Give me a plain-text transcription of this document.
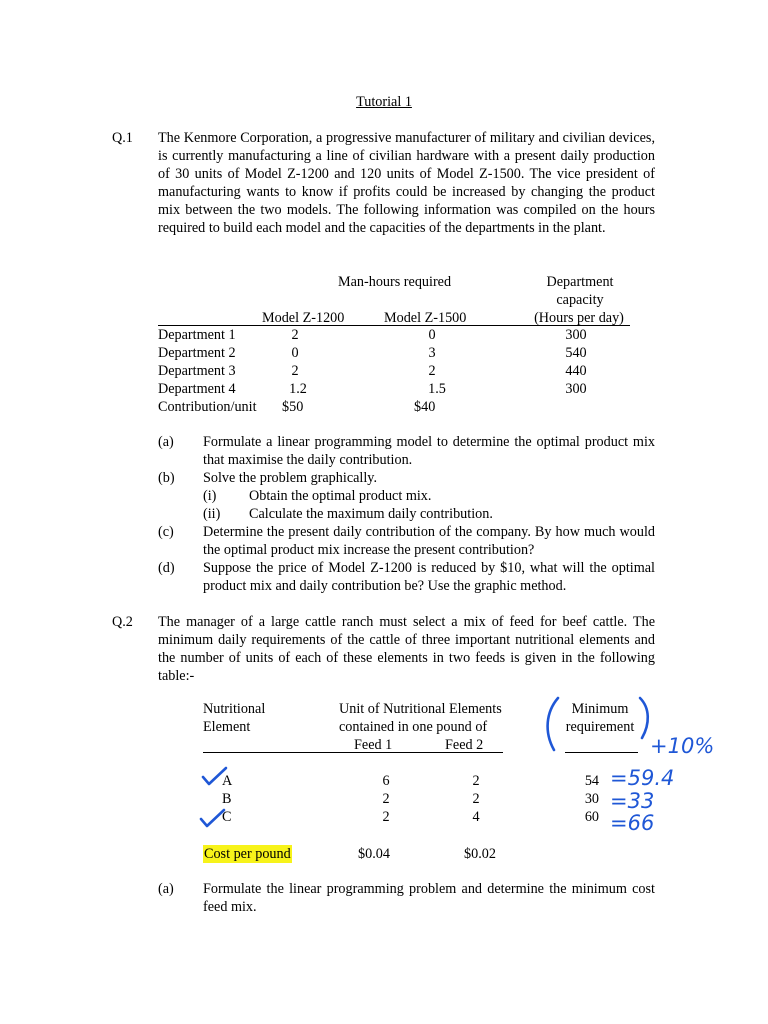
Tutorial 1
Q.1 The Kenmore Corporation, a progressive manufacturer of military and civilian devices, is currently manufacturing a line of civilian hardware with a present daily production of 30 units of Model Z-1200 and 120 units of Model Z-1500. The vice president of manufacturing wants to know if profits could be increased by changing the product mix between the two models. The following information was compiled on the hours required to build each model and the capacities of the departments in the plant.
Man-hours required	Department
capacity
(Hours per day)
Model Z-1200	Model Z-1500
Department 1	2	0	300
Department 2	0	3	540
Department 3	2	2	440
Department 4	1.2	1.5	300
Contribution/unit $50	$40
(a) Formulate a linear programming model to determine the optimal product mix that maximise the daily contribution.
(b) Solve the problem graphically.
(i) Obtain the optimal product mix.
(ii) Calculate the maximum daily contribution.
(c) Determine the present daily contribution of the company. By how much would the optimal product mix increase the present contribution?
(d) Suppose the price of Model Z-1200 is reduced by $10, what will the optimal product mix and daily contribution be? Use the graphic method.
Q.2 The manager of a large cattle ranch must select a mix of feed for beef cattle. The minimum daily requirements of the cattle of three important nutritional elements and the number of units of each of these elements in two feeds is given in the following table:-
Nutritional
Element
Unit of Nutritional Elements
contained in one pound of
Feed 1	Feed 2
Minimum
requirement
A	6	2	54
B	2	2	30
C	2	4	60
Cost per pound	$0.04	$0.02
(a) Formulate the linear programming problem and determine the minimum cost feed mix.
+10%
=59.4
=33
=66
